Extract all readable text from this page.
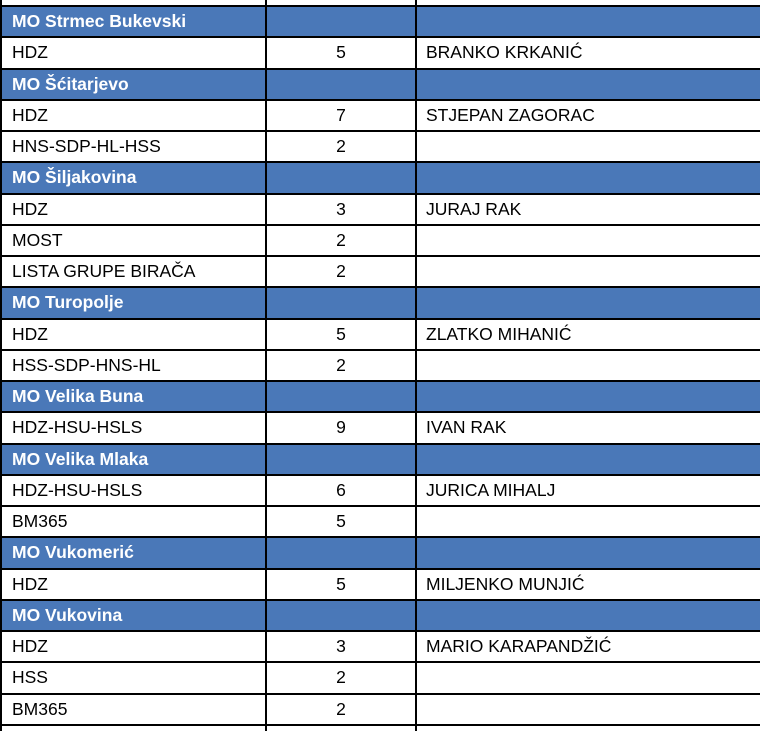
MO Strmec Bukevski
HDZ	5	BRANKO KRKANIĆ
MO Šćitarjevo
HDZ	7	STJEPAN ZAGORAC
HNS-SDP-HL-HSS	2
MO Šiljakovina
HDZ	3	JURAJ RAK
MOST	2
LISTA GRUPE BIRAČA	2
MO Turopolje
HDZ	5	ZLATKO MIHANIĆ
HSS-SDP-HNS-HL	2
MO Velika Buna
HDZ-HSU-HSLS	9	IVAN RAK
MO Velika Mlaka
HDZ-HSU-HSLS	6	JURICA MIHALJ
BM365	5
MO Vukomerić
HDZ	5	MILJENKO MUNJIĆ
MO Vukovina
HDZ	3	MARIO KARAPANDŽIĆ
HSS	2
BM365	2
